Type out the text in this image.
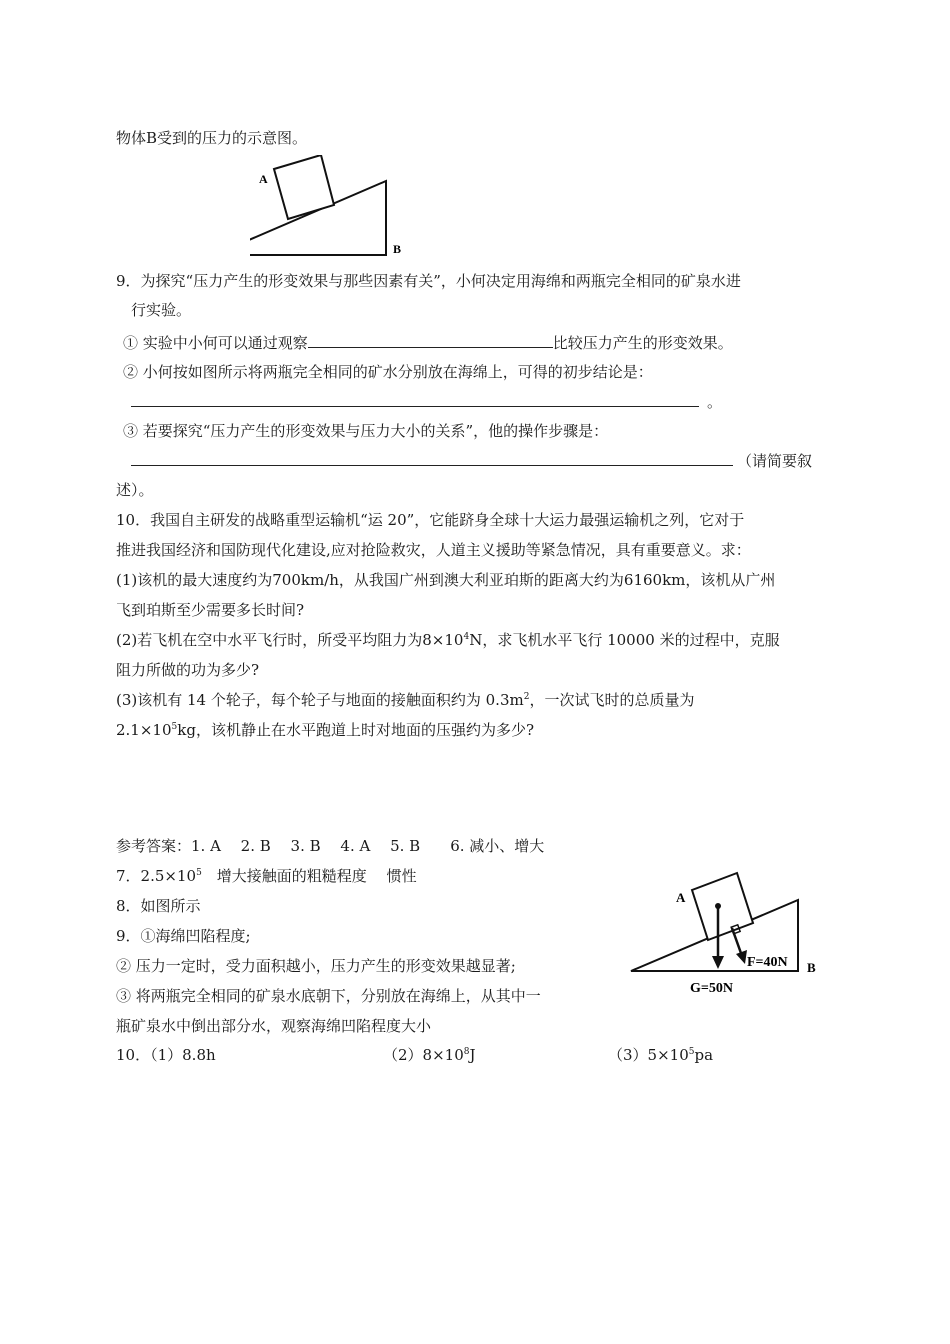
物体B受到的压力的示意图。
A
B
9．为探究“压力产生的形变效果与那些因素有关”，小何决定用海绵和两瓶完全相同的矿泉水进
行实验。
① 实验中小何可以通过观察	比较压力产生的形变效果。
② 小何按如图所示将两瓶完全相同的矿水分别放在海绵上，可得的初步结论是：
。
③ 若要探究“压力产生的形变效果与压力大小的关系”，他的操作步骤是：
（请简要叙
述）。
10．我国自主研发的战略重型运输机“运 20”，它能跻身全球十大运力最强运输机之列，它对于
推进我国经济和国防现代化建设,应对抢险救灾，人道主义援助等紧急情况，具有重要意义。求：
(1)该机的最大速度约为700km/h，从我国广州到澳大利亚珀斯的距离大约为6160km，该机从广州
飞到珀斯至少需要多长时间?
(2)若飞机在空中水平飞行时，所受平均阻力为$8\times 10^4N$，求飞机水平飞行 10000 米的过程中，克服
阻力所做的功为多少?
(3)该机有 14 个轮子，每个轮子与地面的接触面积约为 $0.3m^2$，一次试飞时的总质量为
$2.1\times 10^5kg$，该机静止在水平跑道上时对地面的压强约为多少?
参考答案：1. A　 2. B　 3. B　 4. A　 5. B　　6. 减小、增大
7．$2.5\times 10^5$　增大接触面的粗糙程度　 惯性
8．如图所示
9．①海绵凹陷程度;
② 压力一定时，受力面积越小，压力产生的形变效果越显著;
③ 将两瓶完全相同的矿泉水底朝下，分别放在海绵上，从其中一
瓶矿泉水中倒出部分水，观察海绵凹陷程度大小
10．（1）8.8h	$(2)8\times 10^8J$	$(3)5\times 10^5pa$
A
B
F=40N
G=50N
